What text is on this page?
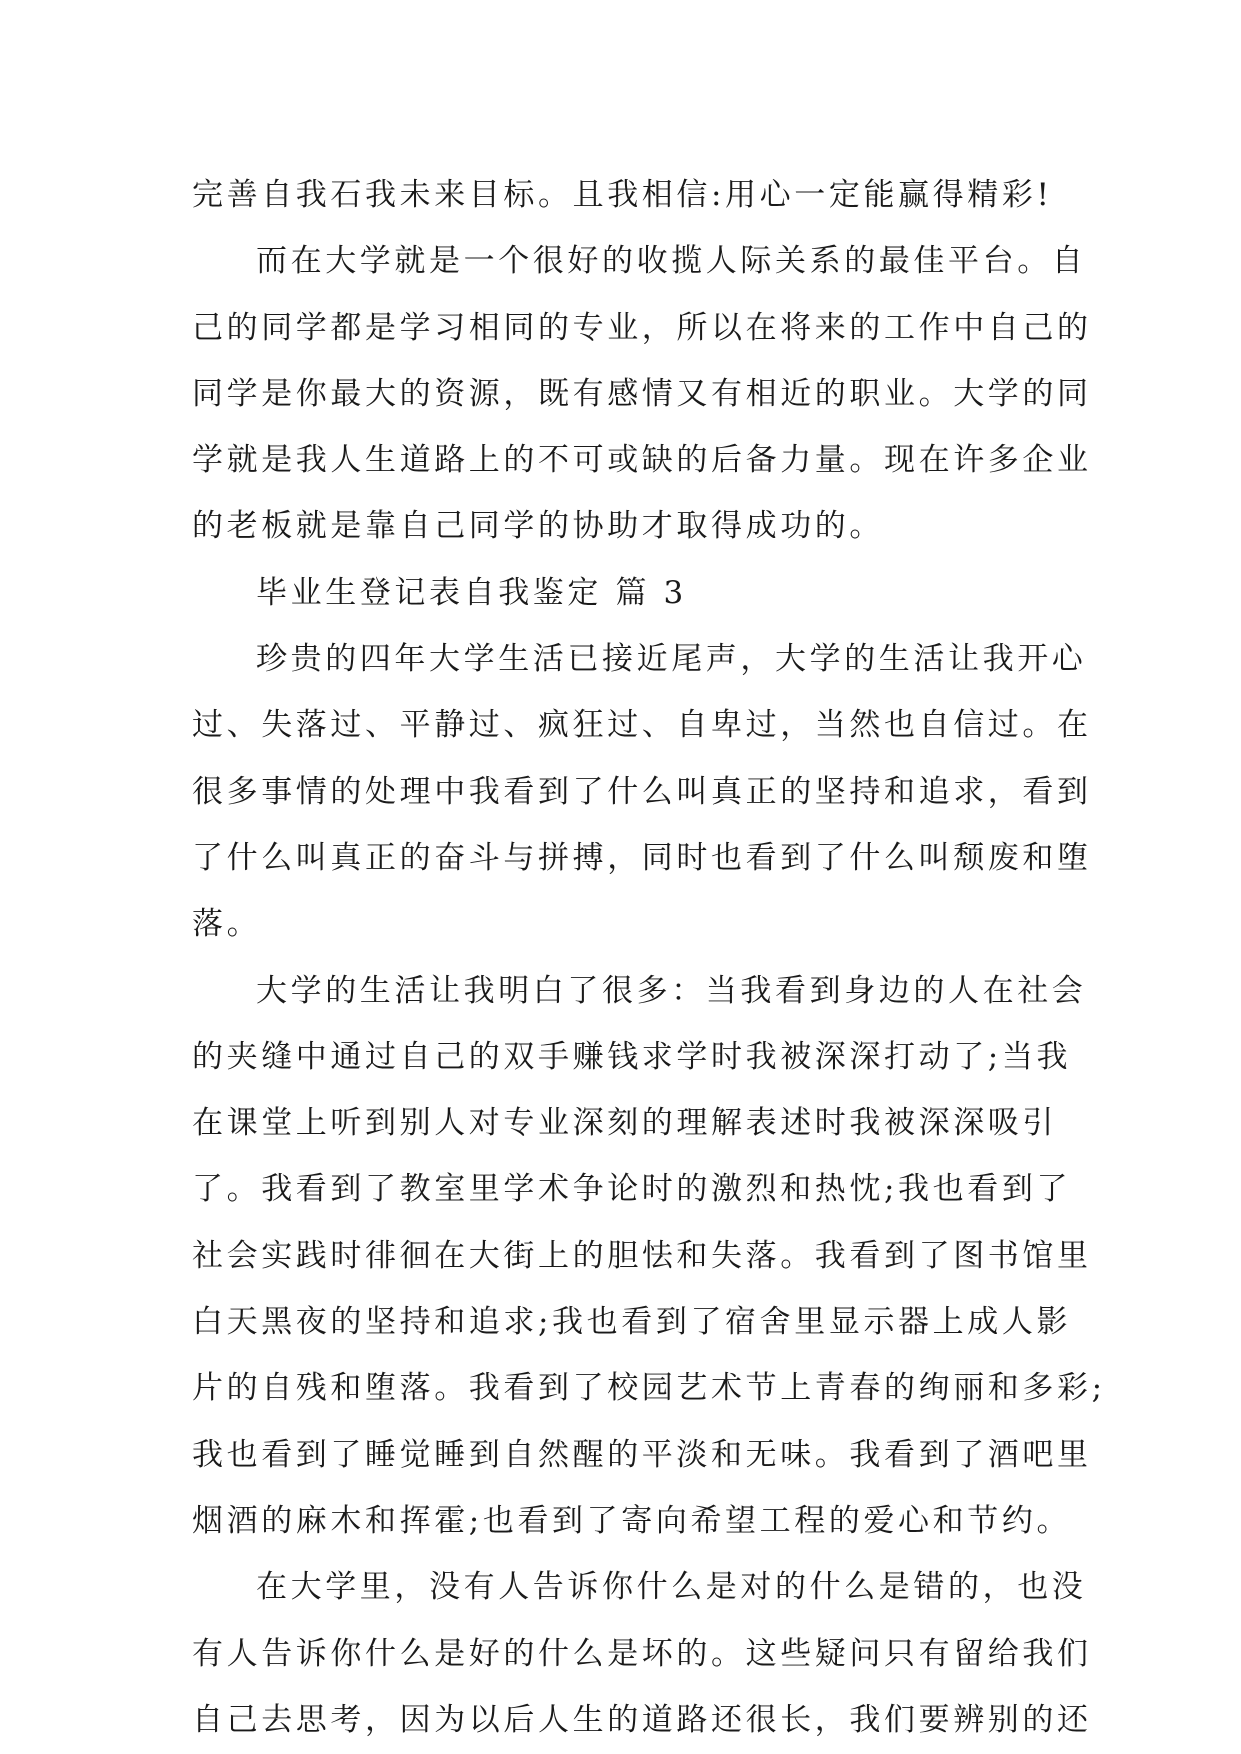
完善自我石我未来目标。且我相信:用心一定能赢得精彩!
而在大学就是一个很好的收揽人际关系的最佳平台。自
己的同学都是学习相同的专业，所以在将来的工作中自己的
同学是你最大的资源，既有感情又有相近的职业。大学的同
学就是我人生道路上的不可或缺的后备力量。现在许多企业
的老板就是靠自己同学的协助才取得成功的。
毕业生登记表自我鉴定 篇 3
珍贵的四年大学生活已接近尾声，大学的生活让我开心
过、失落过、平静过、疯狂过、自卑过，当然也自信过。在
很多事情的处理中我看到了什么叫真正的坚持和追求，看到
了什么叫真正的奋斗与拼搏，同时也看到了什么叫颓废和堕
落。
大学的生活让我明白了很多：当我看到身边的人在社会
的夹缝中通过自己的双手赚钱求学时我被深深打动了;当我
在课堂上听到别人对专业深刻的理解表述时我被深深吸引
了。我看到了教室里学术争论时的激烈和热忱;我也看到了
社会实践时徘徊在大街上的胆怯和失落。我看到了图书馆里
白天黑夜的坚持和追求;我也看到了宿舍里显示器上成人影
片的自残和堕落。我看到了校园艺术节上青春的绚丽和多彩;
我也看到了睡觉睡到自然醒的平淡和无味。我看到了酒吧里
烟酒的麻木和挥霍;也看到了寄向希望工程的爱心和节约。
在大学里，没有人告诉你什么是对的什么是错的，也没
有人告诉你什么是好的什么是坏的。这些疑问只有留给我们
自己去思考，因为以后人生的道路还很长，我们要辨别的还
